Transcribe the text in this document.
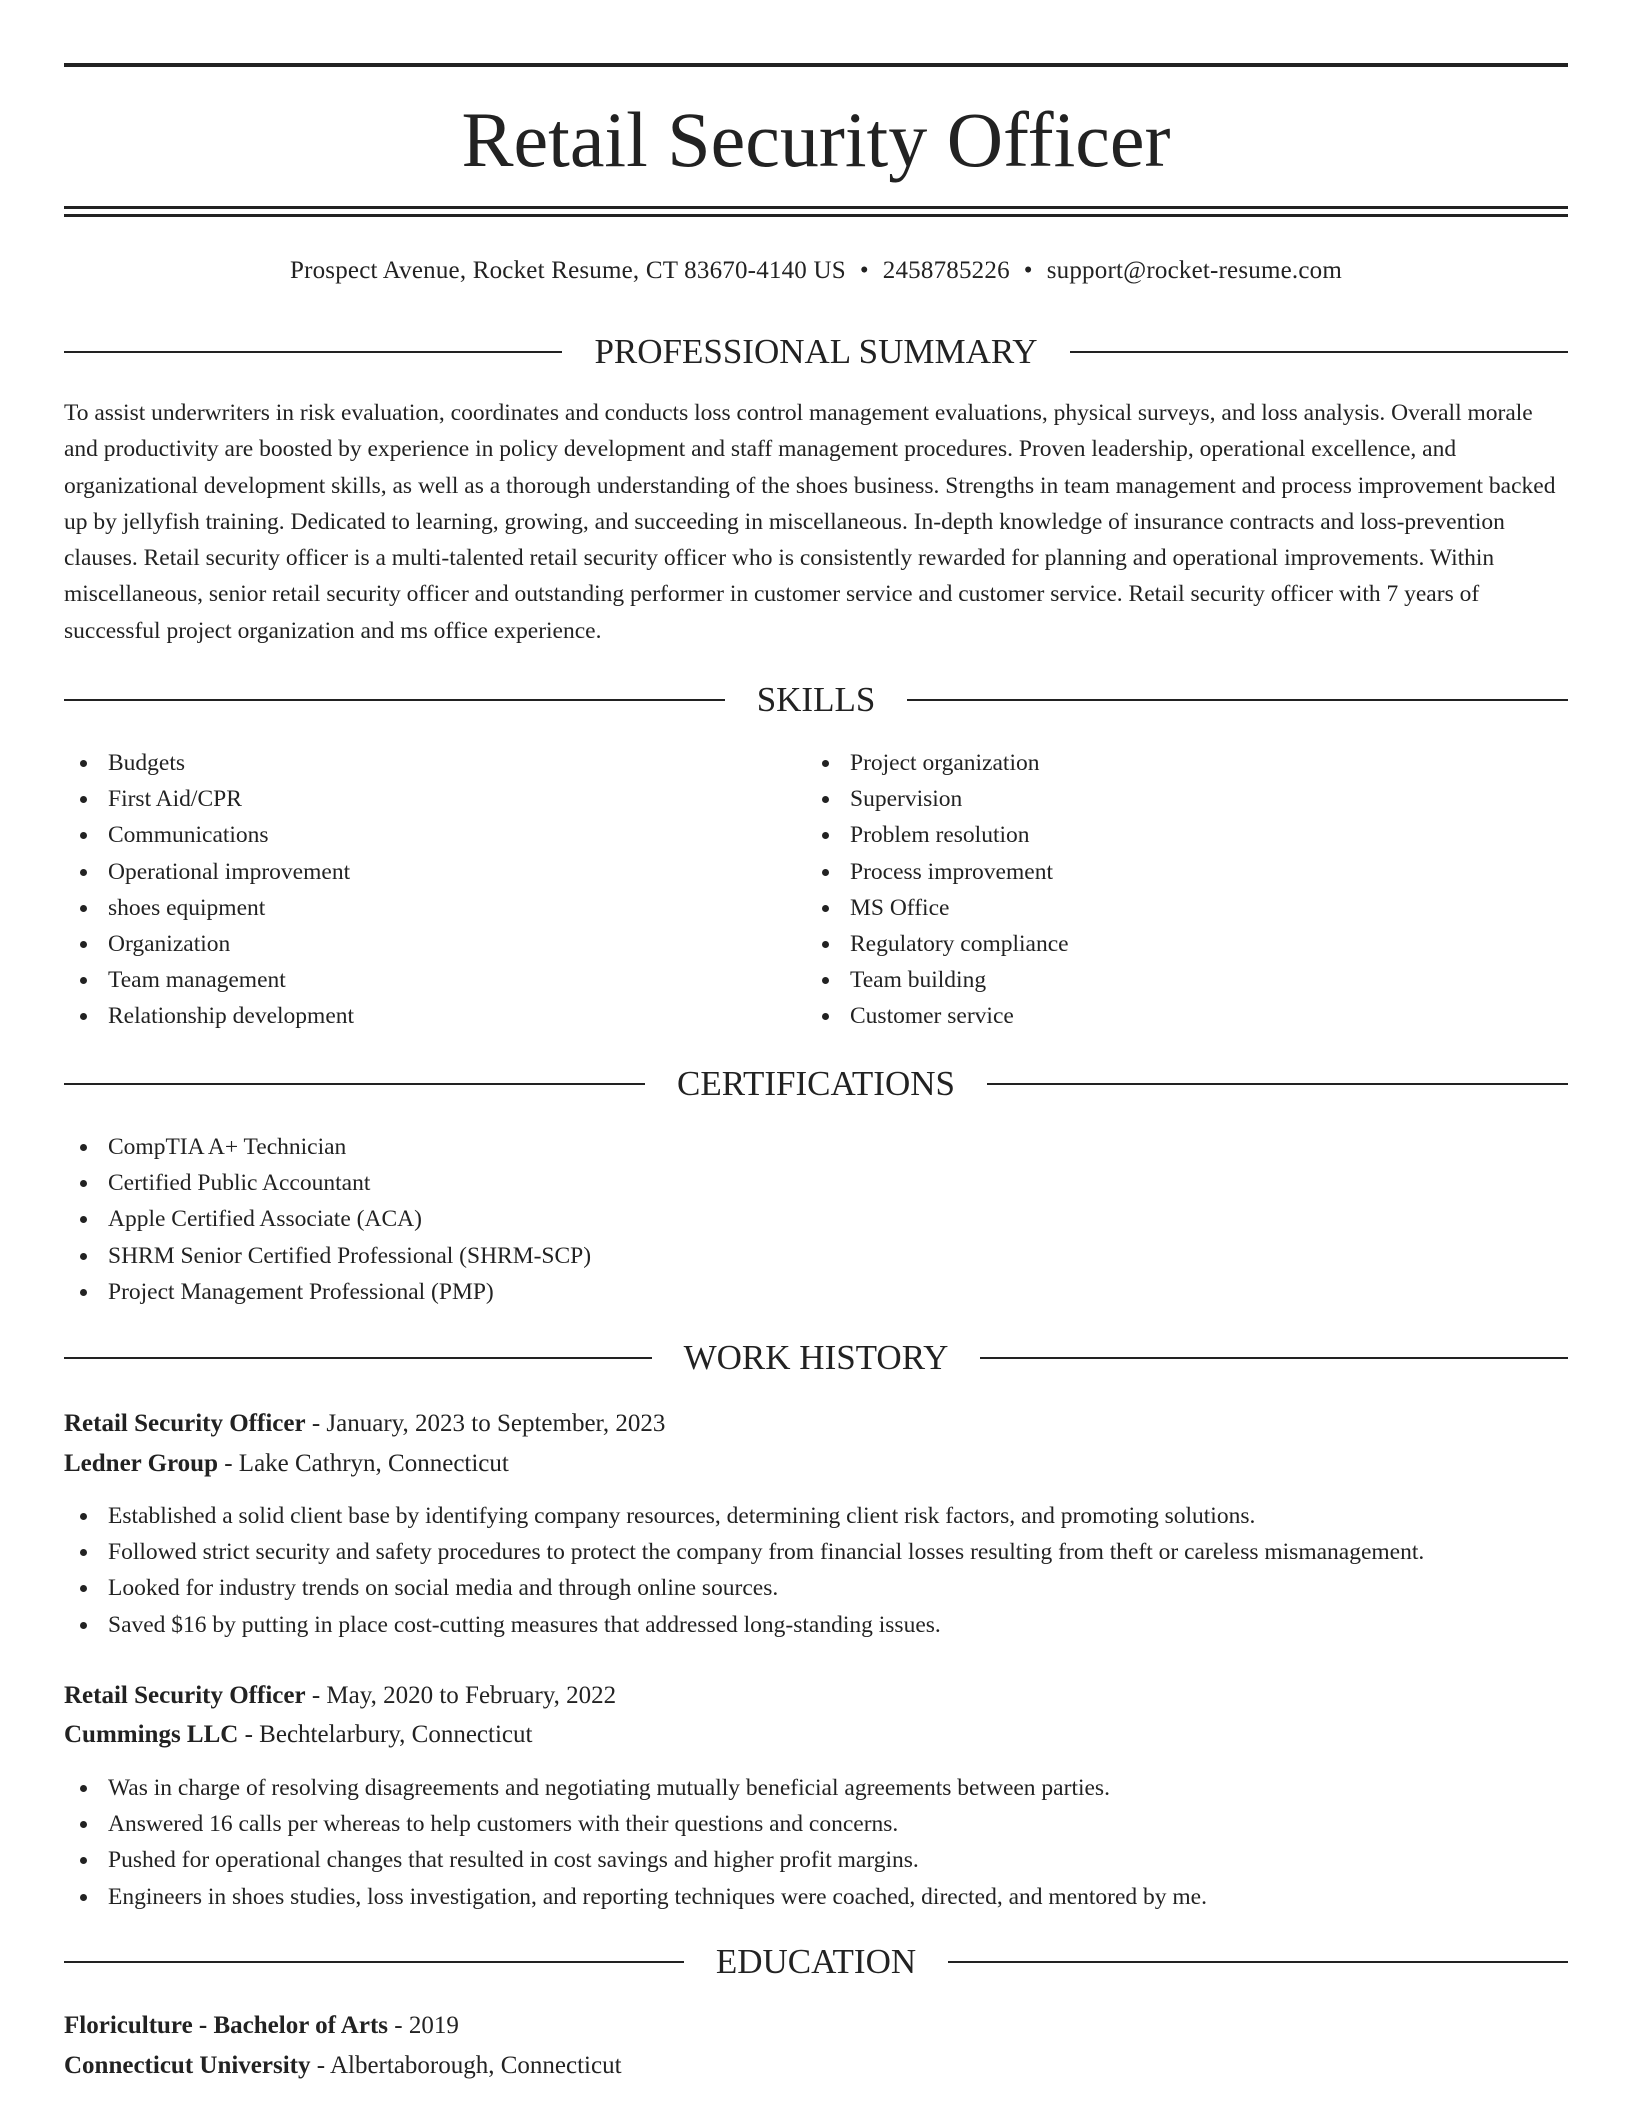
Retail Security Officer
Prospect Avenue, Rocket Resume, CT 83670-4140 US • 2458785226 • support@rocket-resume.com
PROFESSIONAL SUMMARY
To assist underwriters in risk evaluation, coordinates and conducts loss control management evaluations, physical surveys, and loss analysis. Overall morale and productivity are boosted by experience in policy development and staff management procedures. Proven leadership, operational excellence, and organizational development skills, as well as a thorough understanding of the shoes business. Strengths in team management and process improvement backed up by jellyfish training. Dedicated to learning, growing, and succeeding in miscellaneous. In-depth knowledge of insurance contracts and loss-prevention clauses. Retail security officer is a multi-talented retail security officer who is consistently rewarded for planning and operational improvements. Within miscellaneous, senior retail security officer and outstanding performer in customer service and customer service. Retail security officer with 7 years of successful project organization and ms office experience.
SKILLS
Budgets
First Aid/CPR
Communications
Operational improvement
shoes equipment
Organization
Team management
Relationship development
Project organization
Supervision
Problem resolution
Process improvement
MS Office
Regulatory compliance
Team building
Customer service
CERTIFICATIONS
CompTIA A+ Technician
Certified Public Accountant
Apple Certified Associate (ACA)
SHRM Senior Certified Professional (SHRM-SCP)
Project Management Professional (PMP)
WORK HISTORY
Retail Security Officer - January, 2023 to September, 2023
Ledner Group - Lake Cathryn, Connecticut
Established a solid client base by identifying company resources, determining client risk factors, and promoting solutions.
Followed strict security and safety procedures to protect the company from financial losses resulting from theft or careless mismanagement.
Looked for industry trends on social media and through online sources.
Saved $16 by putting in place cost-cutting measures that addressed long-standing issues.
Retail Security Officer - May, 2020 to February, 2022
Cummings LLC - Bechtelarbury, Connecticut
Was in charge of resolving disagreements and negotiating mutually beneficial agreements between parties.
Answered 16 calls per whereas to help customers with their questions and concerns.
Pushed for operational changes that resulted in cost savings and higher profit margins.
Engineers in shoes studies, loss investigation, and reporting techniques were coached, directed, and mentored by me.
EDUCATION
Floriculture - Bachelor of Arts - 2019
Connecticut University - Albertaborough, Connecticut
